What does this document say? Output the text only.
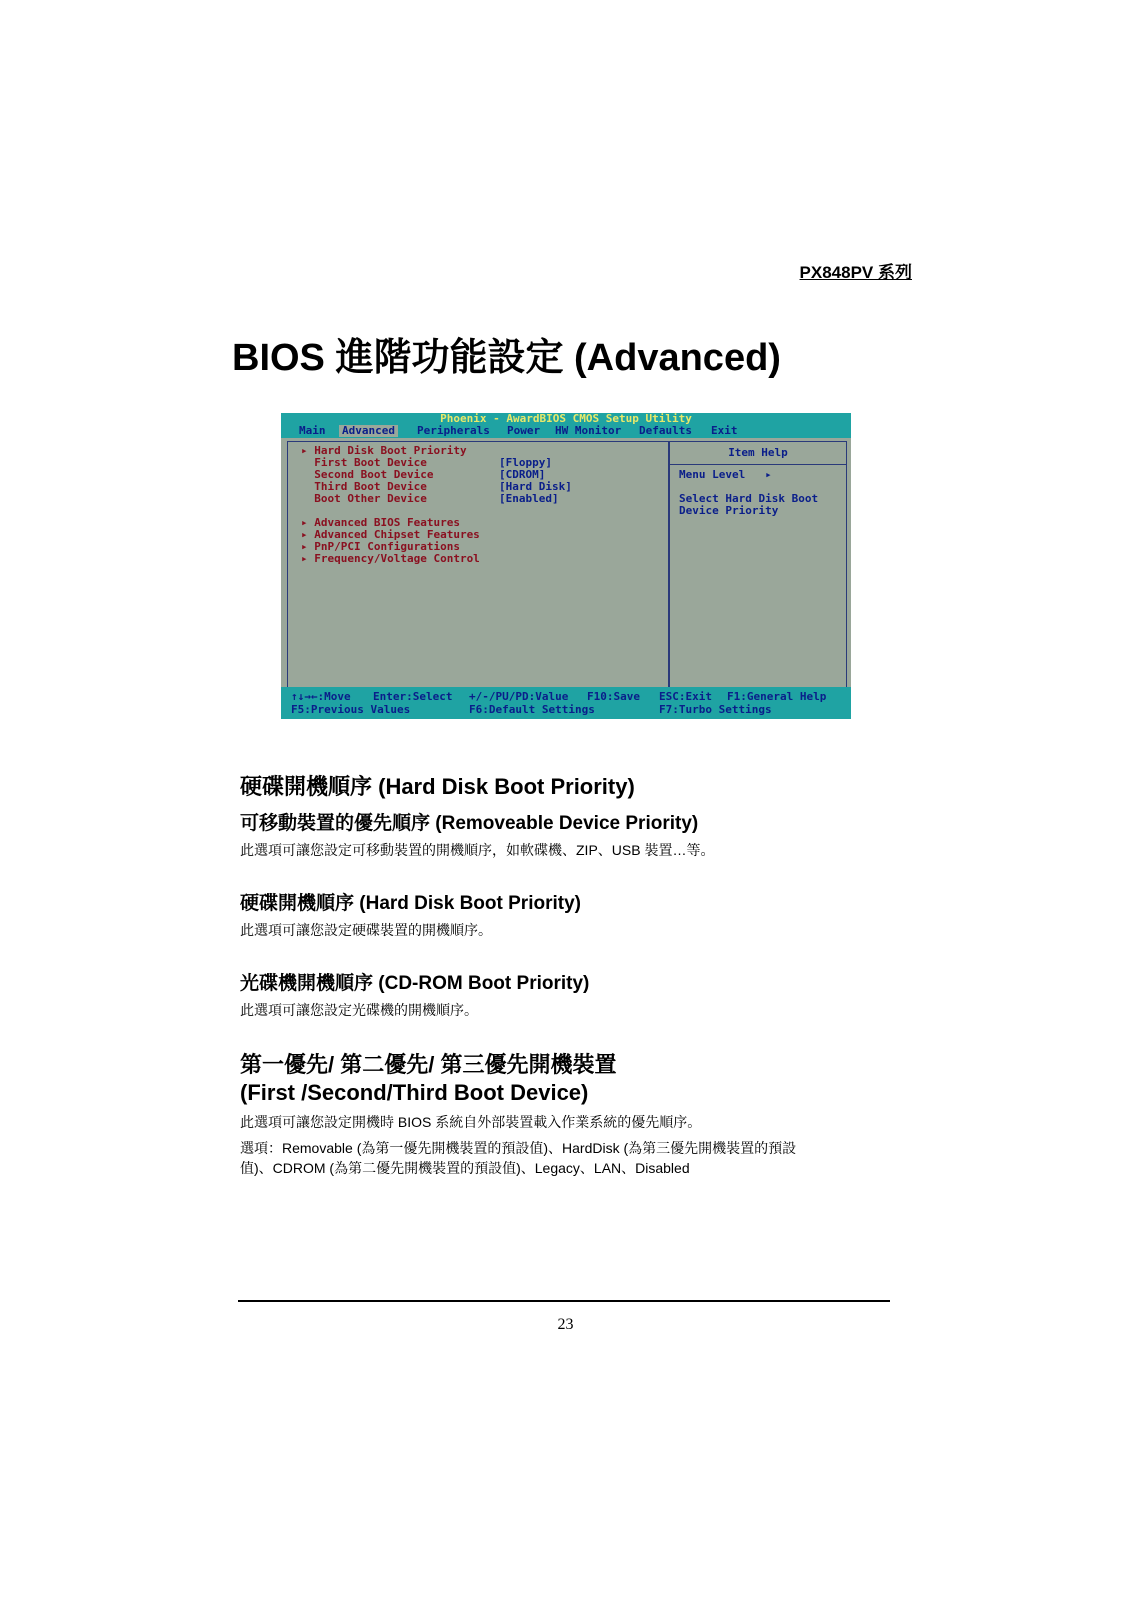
PX848PV 系列
BIOS 進階功能設定 (Advanced)
Phoenix - AwardBIOS CMOS Setup Utility

Main

Advanced

Peripherals

Power

HW Monitor

Defaults

Exit

▸ Hard Disk Boot Priority
First Boot Device
Second Boot Device
Third Boot Device
Boot Other Device
[Floppy]
[CDROM]
[Hard Disk]
[Enabled]
▸ Advanced BIOS Features
▸ Advanced Chipset Features
▸ PnP/PCI Configurations
▸ Frequency/Voltage Control
Item Help
Menu Level   ▸
Select Hard Disk Boot
Device Priority

↑↓→←:Move

Enter:Select

+/-/PU/PD:Value

F10:Save

ESC:Exit

F1:General Help

F5:Previous Values

	F6:Default Settings

	F7:Turbo Settings

硬碟開機順序 (Hard Disk Boot Priority)
可移動裝置的優先順序 (Removeable Device Priority)
此選項可讓您設定可移動裝置的開機順序，如軟碟機、ZIP、USB 裝置…等。
硬碟開機順序 (Hard Disk Boot Priority)
此選項可讓您設定硬碟裝置的開機順序。
光碟機開機順序 (CD-ROM Boot Priority)
此選項可讓您設定光碟機的開機順序。
第一優先/ 第二優先/ 第三優先開機裝置
(First /Second/Third Boot Device)
此選項可讓您設定開機時 BIOS 系統自外部裝置載入作業系統的優先順序。
選項：Removable (為第一優先開機裝置的預設值)、HardDisk (為第三優先開機裝置的預設
值)、CDROM (為第二優先開機裝置的預設值)、Legacy、LAN、Disabled
23
